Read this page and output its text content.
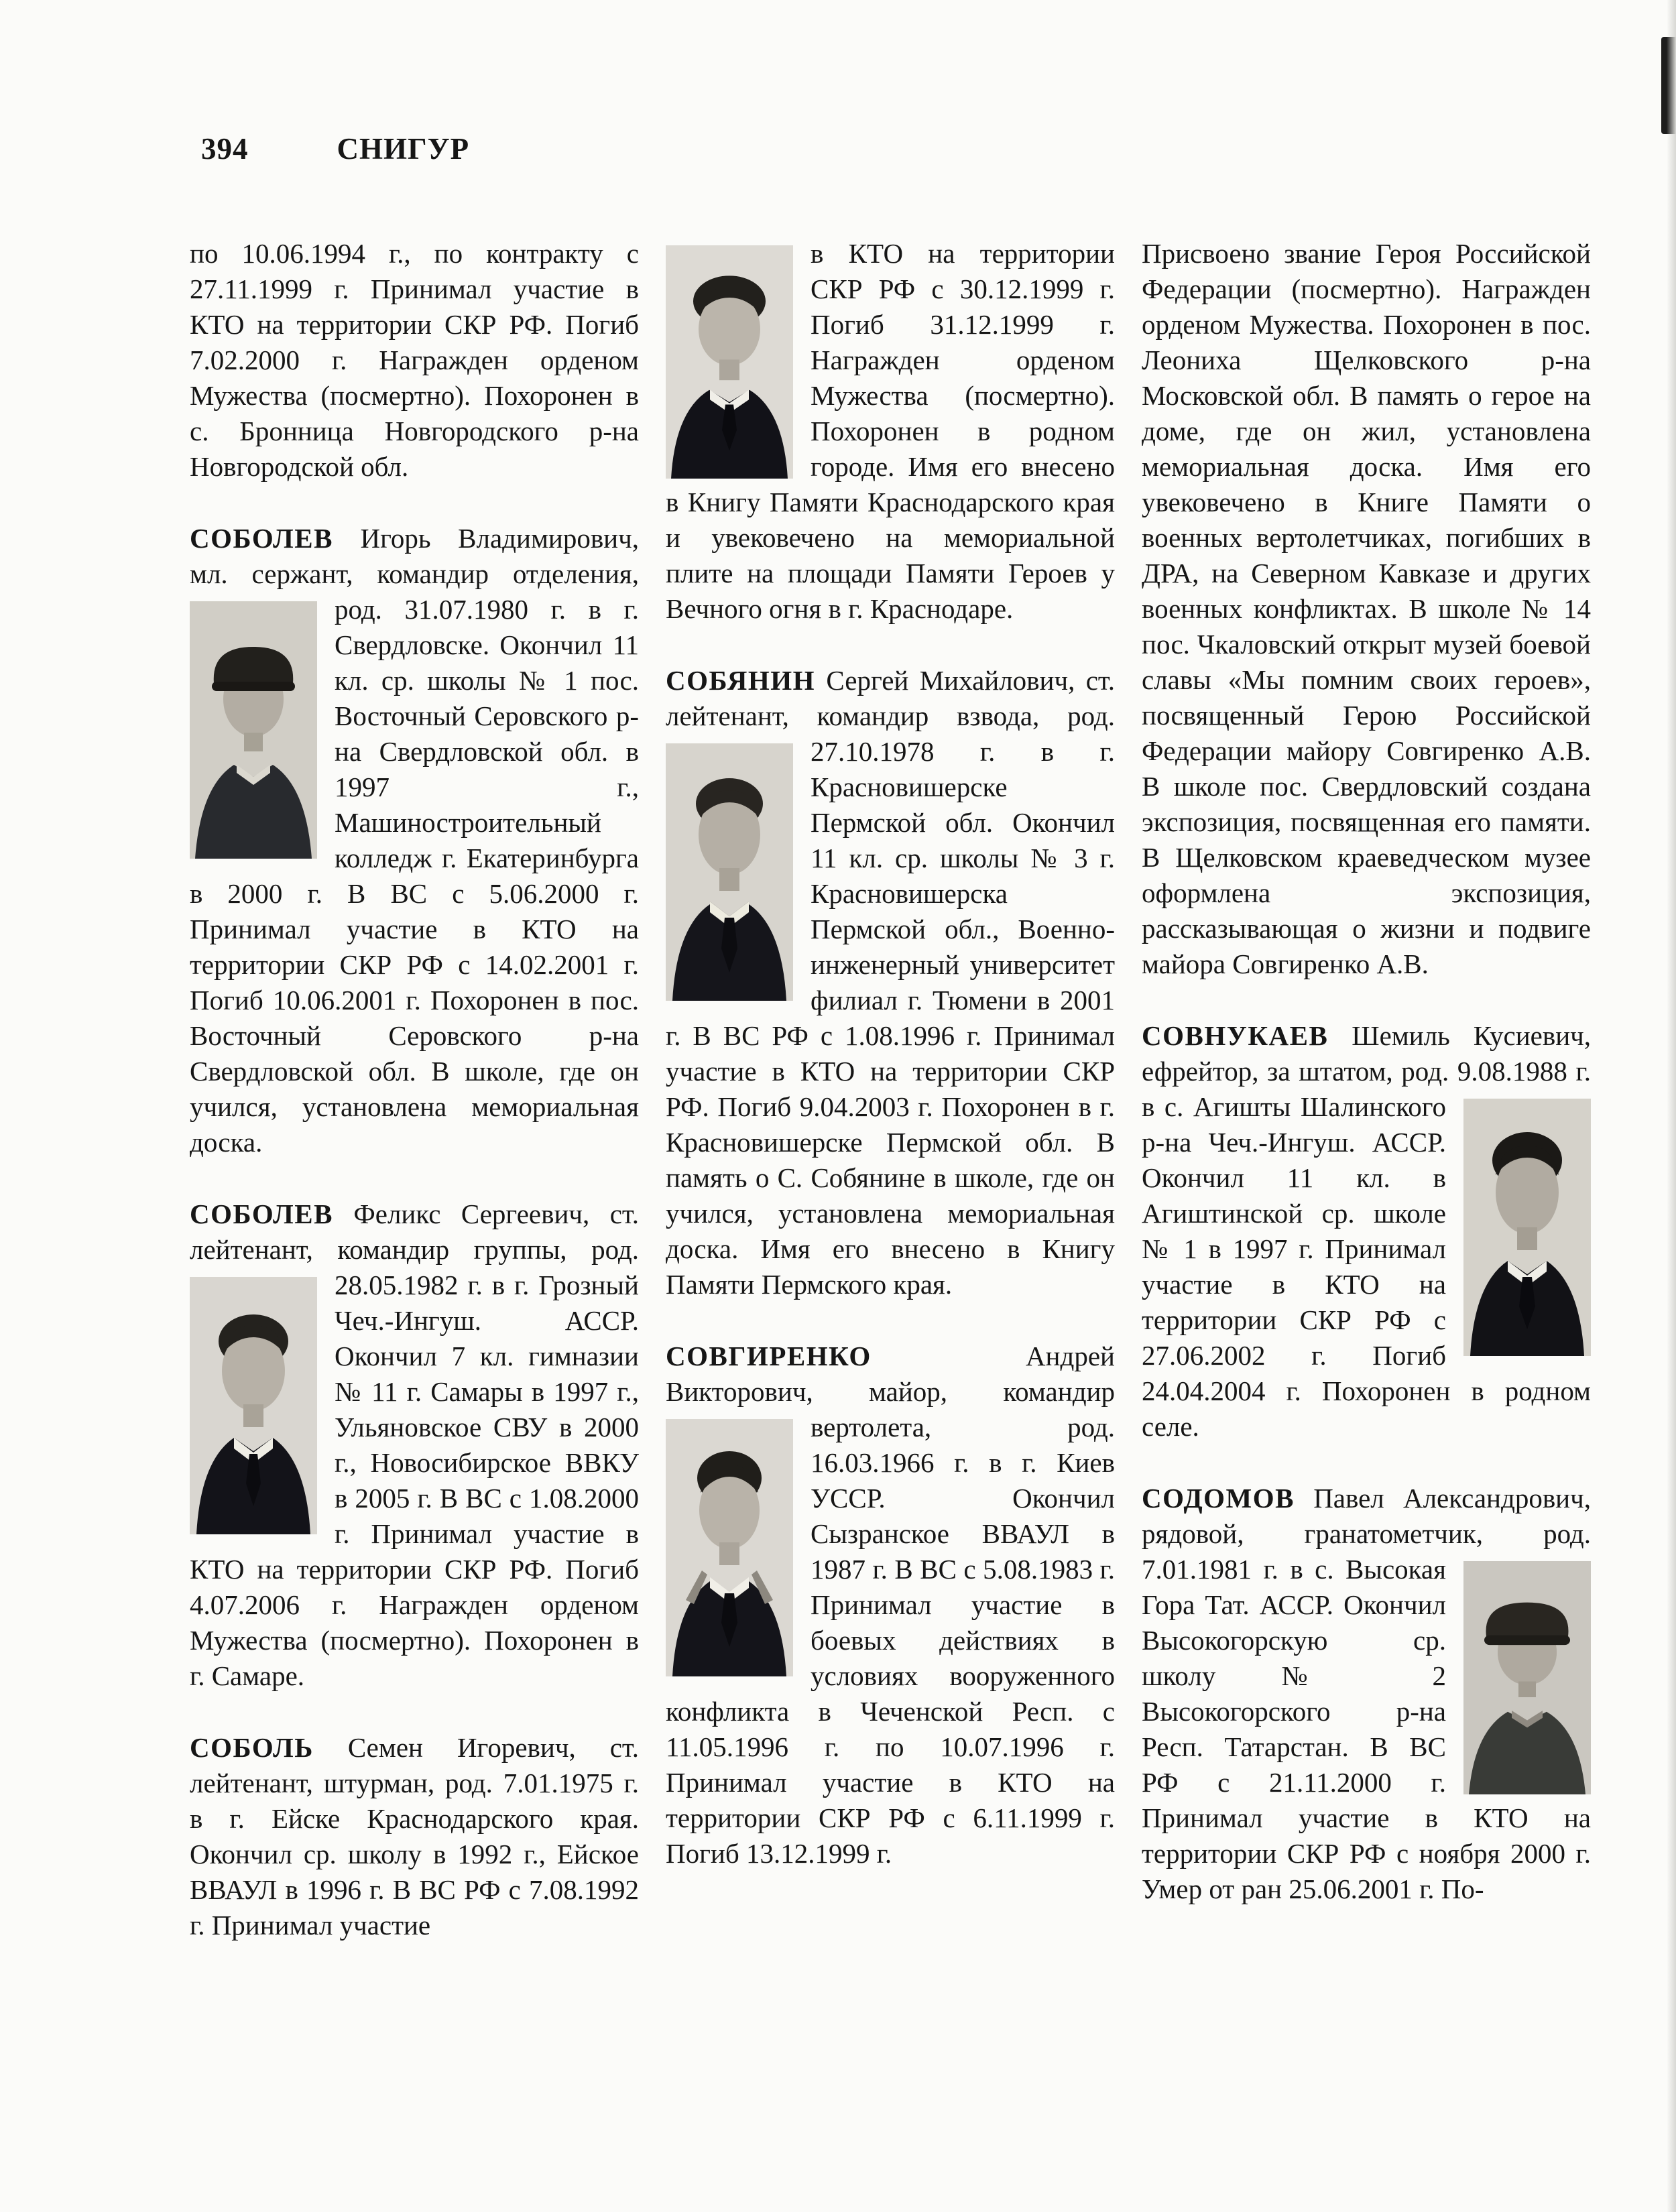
394	СНИГУР

по 10.06.1994 г., по контракту с 27.11.1999 г. Принимал участие в КТО на территории СКР РФ. Погиб 7.02.2000 г. Награжден орденом Мужества (посмертно). Похоронен в с. Бронница Новгородского р-на Новгородской обл.

СОБОЛЕВ Игорь Владимирович, мл. сержант, командир отделения,
род. 31.07.1980 г. в г. Свердловске. Окончил 11 кл. ср. школы № 1 пос. Восточный Серовского р-на Свердловской обл. в 1997 г., Машиностроительный колледж г. Екатеринбурга в 2000 г. В ВС с 5.06.2000 г. Принимал участие в КТО на территории СКР РФ с 14.02.2001 г. Погиб 10.06.2001 г. Похоронен в пос. Восточный Серовского р-на Свердловской обл. В школе, где он учился, установлена мемориальная доска.

СОБОЛЕВ Феликс Сергеевич, ст. лейтенант, командир группы,
род. 28.05.1982 г. в г. Грозный Чеч.-Ингуш. АССР. Окончил 7 кл. гимназии № 11 г. Самары в 1997 г., Ульяновское СВУ в 2000 г., Новосибирское ВВКУ в 2005 г. В ВС с 1.08.2000 г. Принимал участие в КТО на территории СКР РФ. Погиб 4.07.2006 г. Награжден орденом Мужества (посмертно). Похоронен в г. Самаре.

СОБОЛЬ Семен Игоревич, ст. лейтенант, штурман, род. 7.01.1975 г. в г. Ейске Краснодарского края. Окончил ср. школу в 1992 г., Ейское ВВАУЛ в 1996 г. В ВС РФ с 7.08.1992 г. Принимал участие

в КТО на территории СКР РФ с 30.12.1999 г. Погиб 31.12.1999 г. Награжден орденом Мужества (посмертно). Похоронен в родном городе. Имя его внесено в Книгу Памяти Краснодарского края и увековечено на мемориальной плите на площади Памяти Героев у Вечного огня в г. Краснодаре.

СОБЯНИН Сергей Михайлович, ст. лейтенант, командир взвода,
род. 27.10.1978 г. в г. Красновишерске Пермской обл. Окончил 11 кл. ср. школы № 3 г. Красновишерска Пермской обл., Военно-инженерный университет филиал г. Тюмени в 2001 г. В ВС РФ с 1.08.1996 г. Принимал участие в КТО на территории СКР РФ. Погиб 9.04.2003 г. Похоронен в г. Красновишерске Пермской обл. В память о С. Собянине в школе, где он учился, установлена мемориальная доска. Имя его внесено в Книгу Памяти Пермского края.

СОВГИРЕНКО Андрей Викторович, майор, командир вертолета,
род. 16.03.1966 г. в г. Киев УССР. Окончил Сызранское ВВАУЛ в 1987 г. В ВС с 5.08.1983 г. Принимал участие в боевых действиях в условиях вооруженного конфликта в Чеченской Респ. с 11.05.1996 г. по 10.07.1996 г. Принимал участие в КТО на территории СКР РФ с 6.11.1999 г. Погиб 13.12.1999 г.

Присвоено звание Героя Российской Федерации (посмертно). Награжден орденом Мужества. Похоронен в пос. Леониха Щелковского р-на Московской обл. В память о герое на доме, где он жил, установлена мемориальная доска. Имя его увековечено в Книге Памяти о военных вертолетчиках, погибших в ДРА, на Северном Кавказе и других военных конфликтах. В школе № 14 пос. Чкаловский открыт музей боевой славы «Мы помним своих героев», посвященный Герою Российской Федерации майору Совгиренко А.В. В школе пос. Свердловский создана экспозиция, посвященная его памяти. В Щелковском краеведческом музее оформлена экспозиция, рассказывающая о жизни и подвиге майора Совгиренко А.В.

СОВНУКАЕВ Шемиль Кусиевич, ефрейтор, за штатом, род. 9.08.1988 г. в
с. Агишты Шалинского р-на Чеч.-Ингуш. АССР. Окончил 11 кл. в Агиштинской ср. школе № 1 в 1997 г. Принимал участие в КТО на территории СКР РФ с 27.06.2002 г. Погиб 24.04.2004 г. Похоронен в родном селе.

СОДОМОВ Павел Александрович, рядовой, гранатометчик, род. 7.01.1981 г. в с.
Высокая Гора Тат. АССР. Окончил Высокогорскую ср. школу № 2 Высокогорского р-на Респ. Татарстан. В ВС РФ с 21.11.2000 г. Принимал участие в КТО на территории СКР РФ с ноября 2000 г. Умер от ран 25.06.2001 г. По-
